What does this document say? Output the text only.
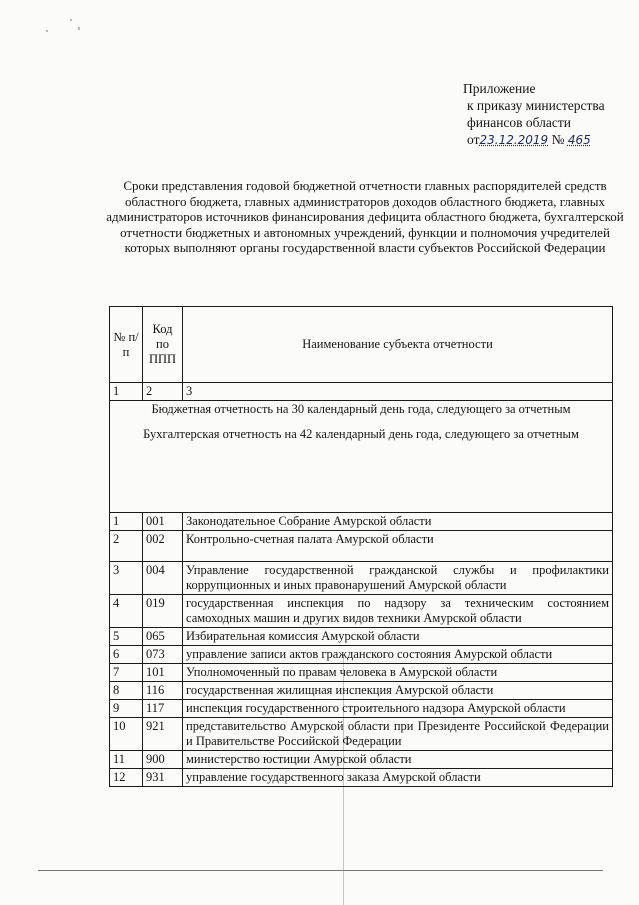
Приложение
к приказу министерства
финансов области
от23.12.2019 № 465
Сроки представления годовой бюджетной отчетности главных распорядителей средств областного бюджета, главных администраторов доходов областного бюджета, главных администраторов источников финансирования дефицита областного бюджета, бухгалтерской отчетности бюджетных и автономных учреждений, функции и полномочия учредителей которых выполняют органы государственной власти субъектов Российской Федерации
№ п/п	Код по ППП	Наименование субъекта отчетности
1	2	3

Бюджетная отчетность на 30 календарный день года, следующего за отчетным

Бухгалтерская отчетность на 42 календарный день года, следующего за отчетным		

1	001	Законодательное Собрание Амурской области
2	002	Контрольно-счетная палата Амурской области
3	004	Управление государственной гражданской службы и профилактики коррупционных и иных правонарушений Амурской области
4	019	государственная инспекция по надзору за техническим состоянием самоходных машин и других видов техники Амурской области
5	065	Избирательная комиссия Амурской области
6	073	управление записи актов гражданского состояния Амурской области
7	101	Уполномоченный по правам человека в Амурской области
8	116	государственная жилищная инспекция Амурской области
9	117	инспекция государственного строительного надзора Амурской области
10	921	представительство Амурской области при Президенте Российской Федерации и Правительстве Российской Федерации
11	900	министерство юстиции Амурской области
12	931	управление государственного заказа Амурской области
